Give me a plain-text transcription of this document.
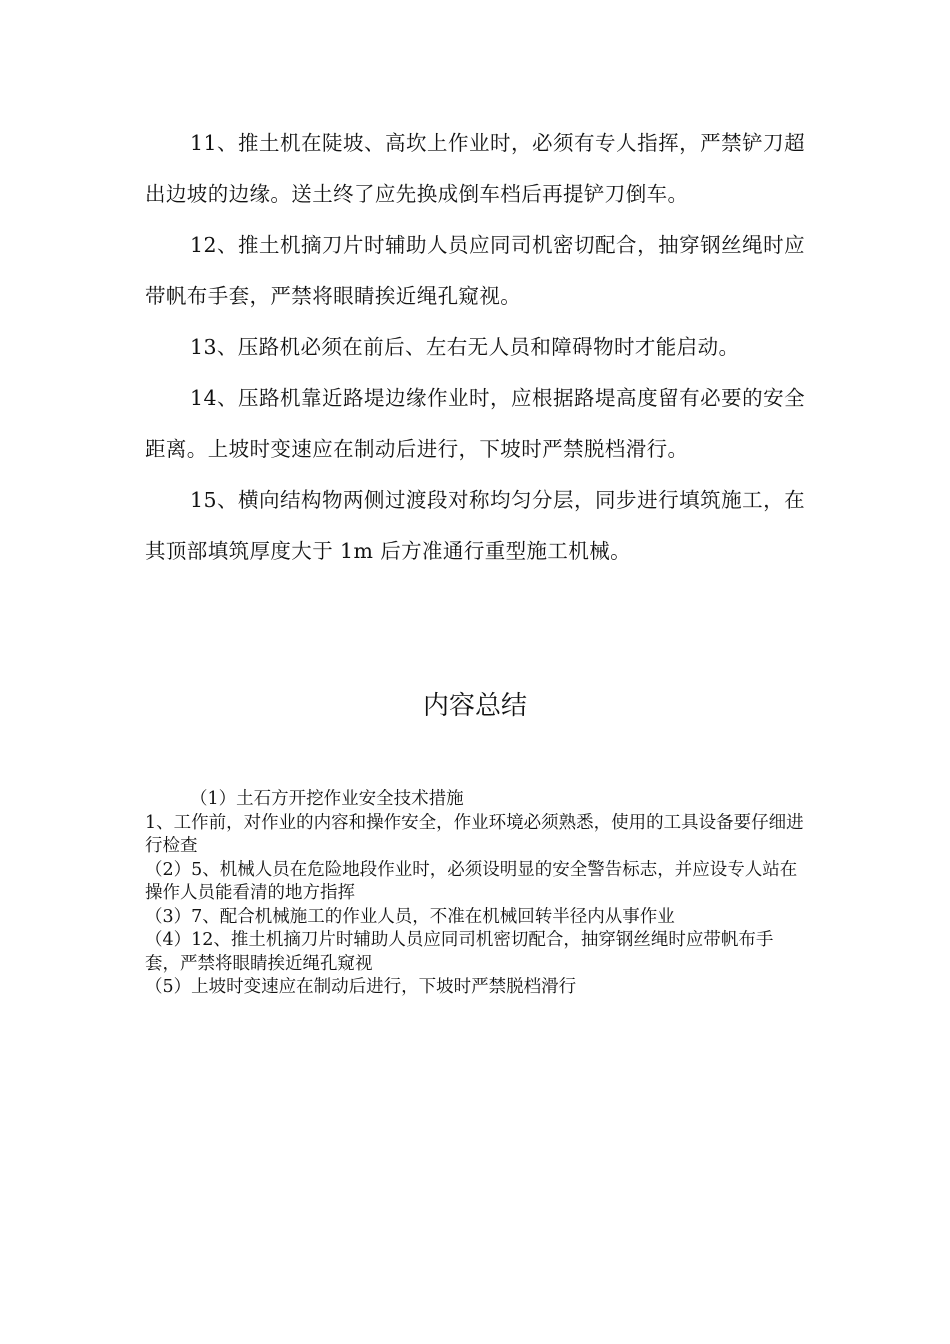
11、推土机在陡坡、高坎上作业时，必须有专人指挥，严禁铲刀超出边坡的边缘。送土终了应先换成倒车档后再提铲刀倒车。

12、推土机摘刀片时辅助人员应同司机密切配合，抽穿钢丝绳时应带帆布手套，严禁将眼睛挨近绳孔窥视。

13、压路机必须在前后、左右无人员和障碍物时才能启动。

14、压路机靠近路堤边缘作业时，应根据路堤高度留有必要的安全距离。上坡时变速应在制动后进行，下坡时严禁脱档滑行。

15、横向结构物两侧过渡段对称均匀分层，同步进行填筑施工，在其顶部填筑厚度大于 1m 后方准通行重型施工机械。

内容总结

（1）土石方开挖作业安全技术措施

1、工作前，对作业的内容和操作安全，作业环境必须熟悉，使用的工具设备要仔细进行检查

（2）5、机械人员在危险地段作业时，必须设明显的安全警告标志，并应设专人站在操作人员能看清的地方指挥

（3）7、配合机械施工的作业人员，不准在机械回转半径内从事作业

（4）12、推土机摘刀片时辅助人员应同司机密切配合，抽穿钢丝绳时应带帆布手套，严禁将眼睛挨近绳孔窥视

（5）上坡时变速应在制动后进行，下坡时严禁脱档滑行
